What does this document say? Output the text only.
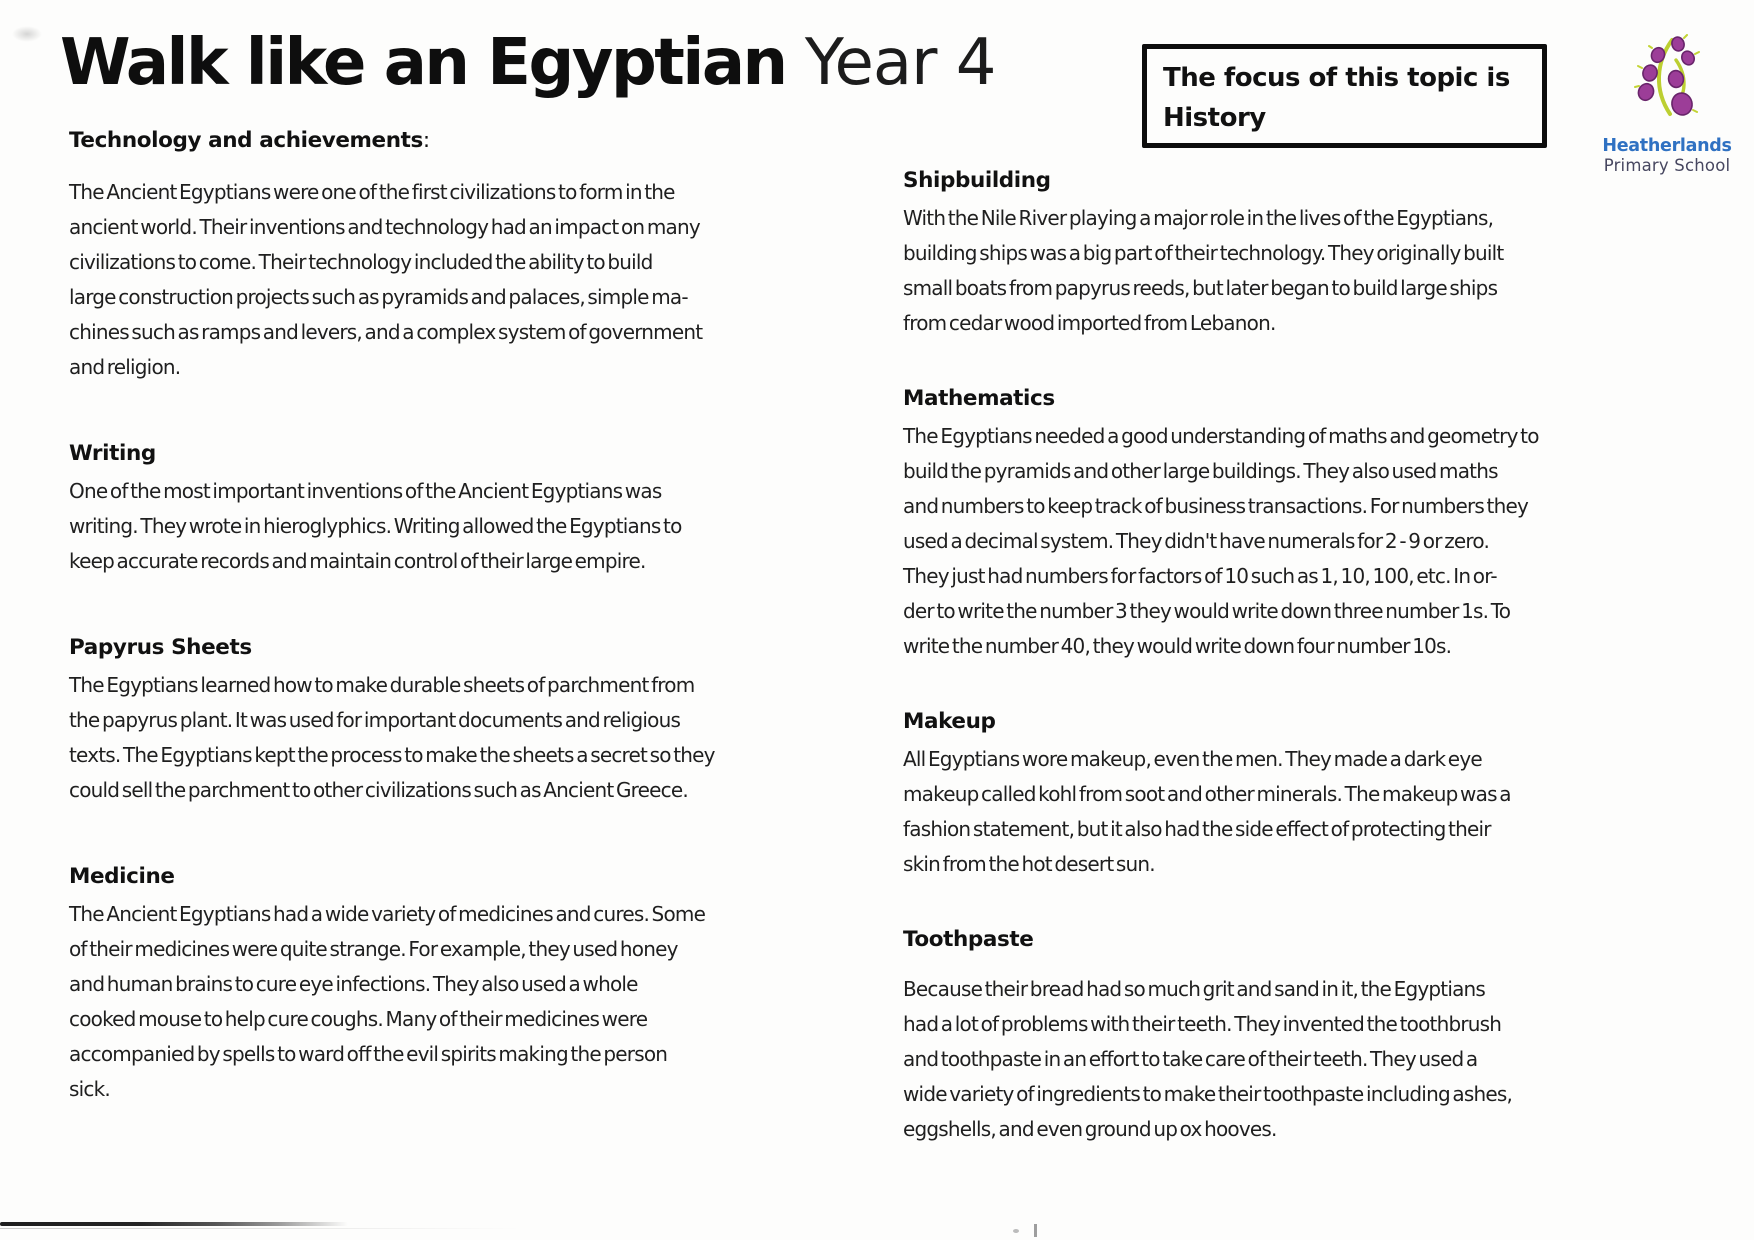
Walk like an Egyptian Year 4	The focus of this topic is
History
Heatherlands
Primary School
Technology and achievements:
The Ancient Egyptians were one of the first civilizations to form in the
ancient world. Their inventions and technology had an impact on many
civilizations to come. Their technology included the ability to build
large construction projects such as pyramids and palaces, simple ma-
chines such as ramps and levers, and a complex system of government
and religion.
Writing
One of the most important inventions of the Ancient Egyptians was
writing. They wrote in hieroglyphics. Writing allowed the Egyptians to
keep accurate records and maintain control of their large empire.
Papyrus Sheets
The Egyptians learned how to make durable sheets of parchment from
the papyrus plant. It was used for important documents and religious
texts. The Egyptians kept the process to make the sheets a secret so they
could sell the parchment to other civilizations such as Ancient Greece.
Medicine
The Ancient Egyptians had a wide variety of medicines and cures. Some
of their medicines were quite strange. For example, they used honey
and human brains to cure eye infections. They also used a whole
cooked mouse to help cure coughs. Many of their medicines were
accompanied by spells to ward off the evil spirits making the person
sick.
Shipbuilding
With the Nile River playing a major role in the lives of the Egyptians,
building ships was a big part of their technology. They originally built
small boats from papyrus reeds, but later began to build large ships
from cedar wood imported from Lebanon.
Mathematics
The Egyptians needed a good understanding of maths and geometry to
build the pyramids and other large buildings. They also used maths
and numbers to keep track of business transactions. For numbers they
used a decimal system. They didn't have numerals for 2 - 9 or zero.
They just had numbers for factors of 10 such as 1, 10, 100, etc. In or-
der to write the number 3 they would write down three number 1s. To
write the number 40, they would write down four number 10s.
Makeup
All Egyptians wore makeup, even the men. They made a dark eye
makeup called kohl from soot and other minerals. The makeup was a
fashion statement, but it also had the side effect of protecting their
skin from the hot desert sun.
Toothpaste
Because their bread had so much grit and sand in it, the Egyptians
had a lot of problems with their teeth. They invented the toothbrush
and toothpaste in an effort to take care of their teeth. They used a
wide variety of ingredients to make their toothpaste including ashes,
eggshells, and even ground up ox hooves.
